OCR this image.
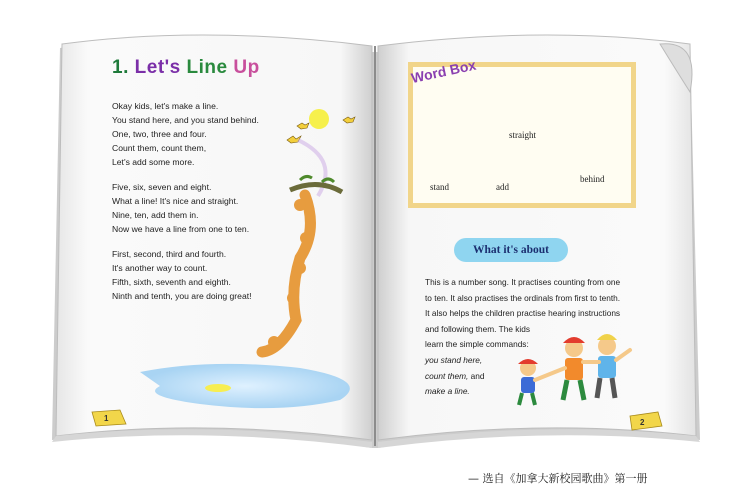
1. Let's Line Up
Okay kids, let's make a line.
You stand here, and you stand behind.
One, two, three and four.
Count them, count them,
Let's add some more.
Five, six, seven and eight.
What a line! It's nice and straight.
Nine, ten, add them in.
Now we have a line from one to ten.
First, second, third and fourth.
It's another way to count.
Fifth, sixth, seventh and eighth.
Ninth and tenth, you are doing great!
1
Word Box
straight
stand	add
behind
What it's about
This is a number song. It practises counting from one
to ten. It also practises the ordinals from first to tenth.
It also helps the children practise hearing instructions
and following them. The kids
learn the simple commands:
you stand here,
count them, and
make a line.
2
— 选自《加拿大新校园歌曲》第一册
